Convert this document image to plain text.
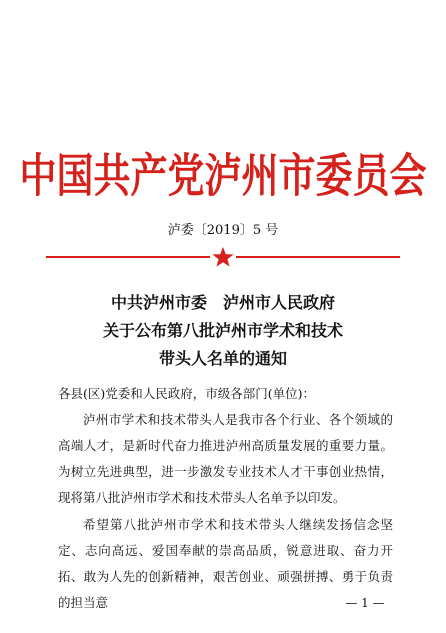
中国共产党泸州市委员会
泸委〔2019〕5 号
中共泸州市委　泸州市人民政府
关于公布第八批泸州市学术和技术
带头人名单的通知
各县(区)党委和人民政府，市级各部门(单位)：
泸州市学术和技术带头人是我市各个行业、各个领域的高端人才，是新时代奋力推进泸州高质量发展的重要力量。为树立先进典型，进一步激发专业技术人才干事创业热情，现将第八批泸州市学术和技术带头人名单予以印发。
希望第八批泸州市学术和技术带头人继续发扬信念坚定、志向高远、爱国奉献的崇高品质，锐意进取、奋力开拓、敢为人先的创新精神，艰苦创业、顽强拼搏、勇于负责的担当意	— 1 —
